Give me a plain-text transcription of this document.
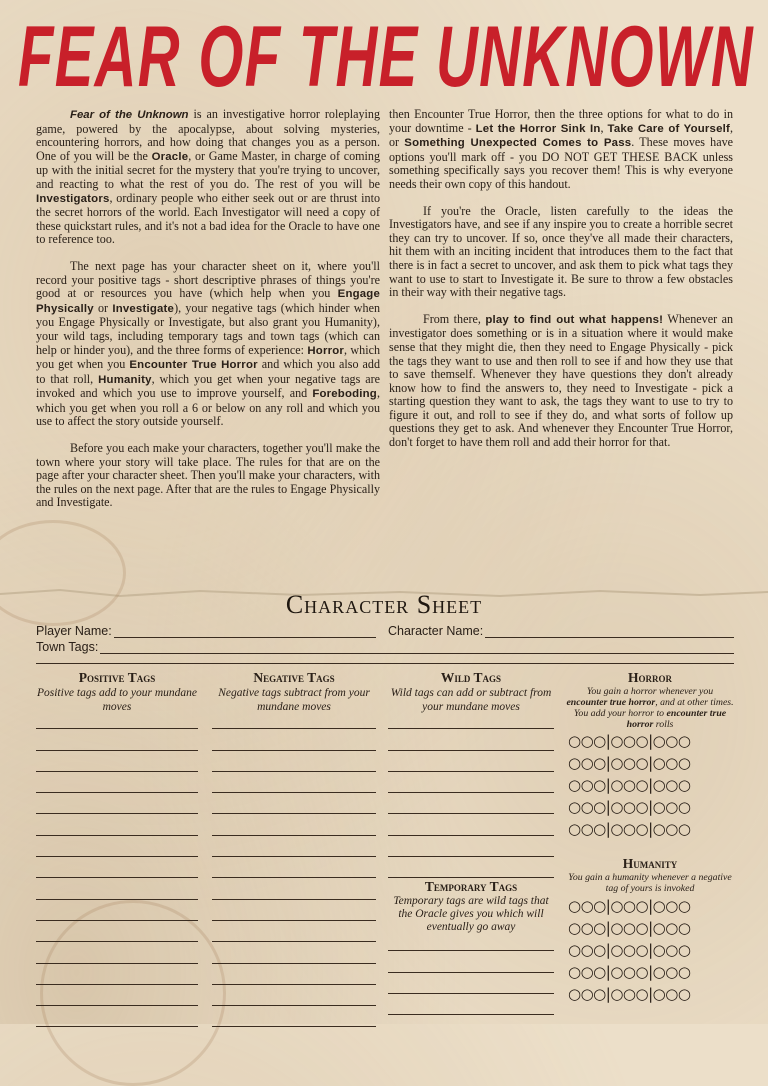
FEAR OF THE UNKNOWN

Fear of the Unknown is an investigative horror roleplaying game, powered by the apocalypse, about solving mysteries, encountering horrors, and how doing that changes you as a person. One of you will be the Oracle, or Game Master, in charge of coming up with the initial secret for the mystery that you're trying to uncover, and reacting to what the rest of you do. The rest of you will be Investigators, ordinary people who either seek out or are thrust into the secret horrors of the world. Each Investigator will need a copy of these quickstart rules, and it's not a bad idea for the Oracle to have one to reference too.

The next page has your character sheet on it, where you'll record your positive tags - short descriptive phrases of things you're good at or resources you have (which help when you Engage Physically or Investigate), your negative tags (which hinder when you Engage Physically or Investigate, but also grant you Humanity), your wild tags, including temporary tags and town tags (which can help or hinder you), and the three forms of experience: Horror, which you get when you Encounter True Horror and which you also add to that roll, Humanity, which you get when your negative tags are invoked and which you use to improve yourself, and Foreboding, which you get when you roll a 6 or below on any roll and which you use to affect the story outside yourself.

Before you each make your characters, together you'll make the town where your story will take place. The rules for that are on the page after your character sheet. Then you'll make your characters, with the rules on the next page. After that are the rules to Engage Physically and Investigate.

then Encounter True Horror, then the three options for what to do in your downtime - Let the Horror Sink In, Take Care of Yourself, or Something Unexpected Comes to Pass. These moves have options you'll mark off - you DO NOT GET THESE BACK unless something specifically says you recover them! This is why everyone needs their own copy of this handout.

If you're the Oracle, listen carefully to the ideas the Investigators have, and see if any inspire you to create a horrible secret they can try to uncover. If so, once they've all made their characters, hit them with an inciting incident that introduces them to the fact that there is in fact a secret to uncover, and ask them to pick what tags they want to use to start to Investigate it. Be sure to throw a few obstacles in their way with their negative tags.

From there, play to find out what happens! Whenever an investigator does something or is in a situation where it would make sense that they might die, then they need to Engage Physically - pick the tags they want to use and then roll to see if and how they use that to save themself. Whenever they have questions they don't already know how to find the answers to, they need to Investigate - pick a starting question they want to ask, the tags they want to use to try to figure it out, and roll to see if they do, and what sorts of follow up questions they get to ask. And whenever they Encounter True Horror, don't forget to have them roll and add their horror for that.

Character Sheet
Player Name:	Character Name:
Town Tags:
Positive Tags
Positive tags add to your mundane moves
Negative Tags
Negative tags subtract from your mundane moves
Wild Tags
Wild tags can add or subtract from your mundane moves
Temporary Tags
Temporary tags are wild tags that the Oracle gives you which will eventually go away
Horror
You gain a horror whenever you
encounter true horror, and at other times. You add your horror to encounter true horror rolls
○○○|○○○|○○○
○○○|○○○|○○○
○○○|○○○|○○○
○○○|○○○|○○○
○○○|○○○|○○○
Humanity
You gain a humanity whenever a negative tag of yours is invoked
○○○|○○○|○○○
○○○|○○○|○○○
○○○|○○○|○○○
○○○|○○○|○○○
○○○|○○○|○○○
